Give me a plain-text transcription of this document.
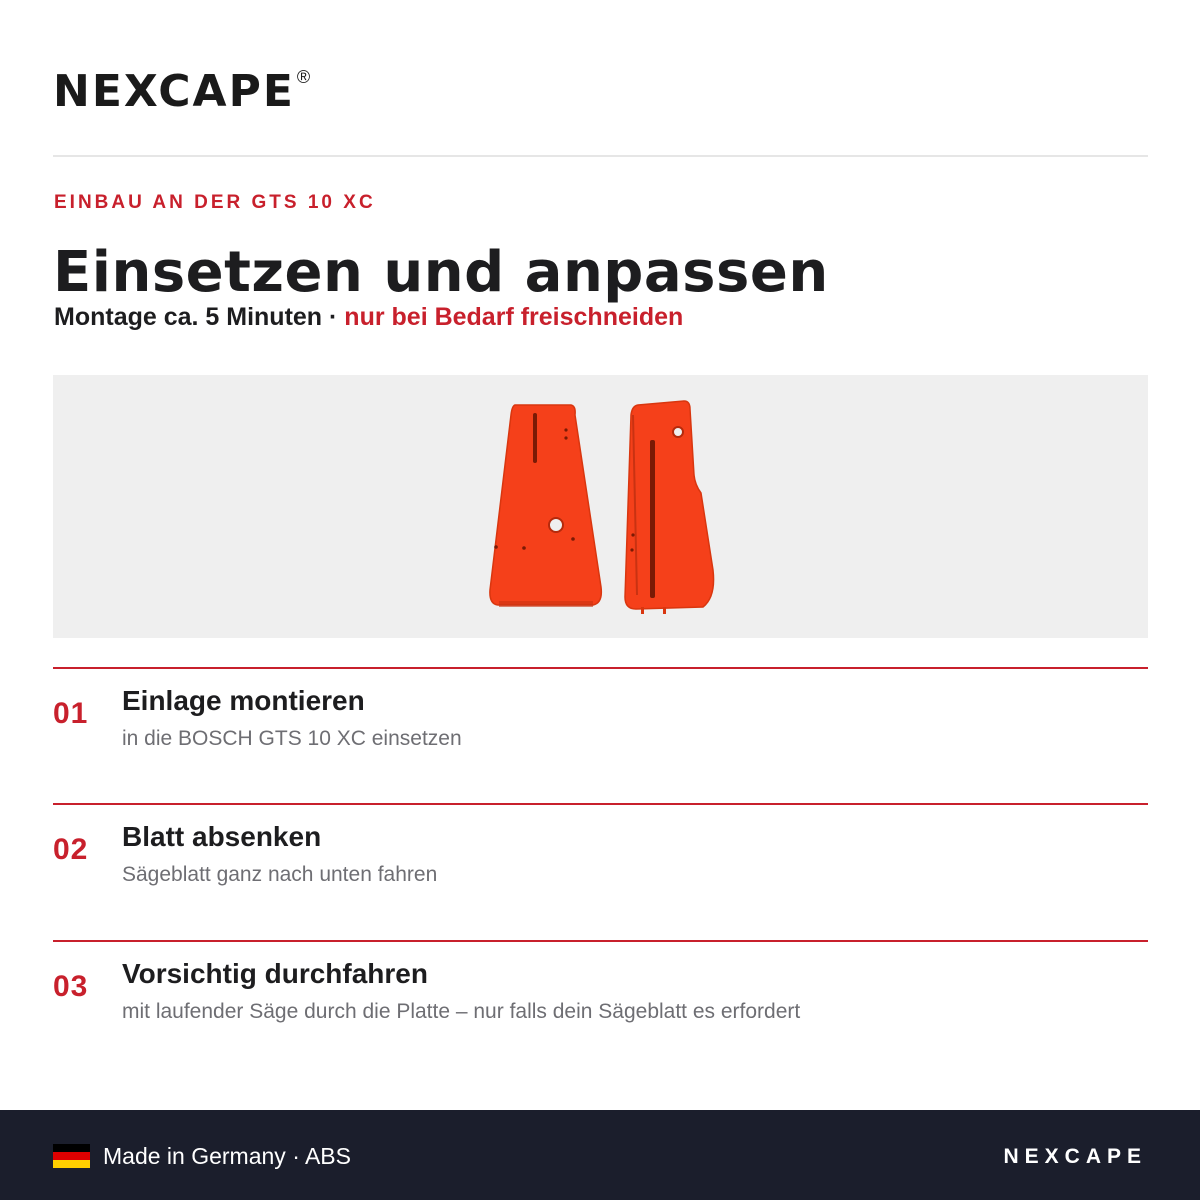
NEXCAPE ®
EINBAU AN DER GTS 10 XC
Einsetzen und anpassen
Montage ca. 5 Minuten · nur bei Bedarf freischneiden
01 Einlage montieren
in die BOSCH GTS 10 XC einsetzen
02 Blatt absenken
Sägeblatt ganz nach unten fahren
03 Vorsichtig durchfahren
mit laufender Säge durch die Platte – nur falls dein Sägeblatt es erfordert
Made in Germany · ABS	NEXCAPE
